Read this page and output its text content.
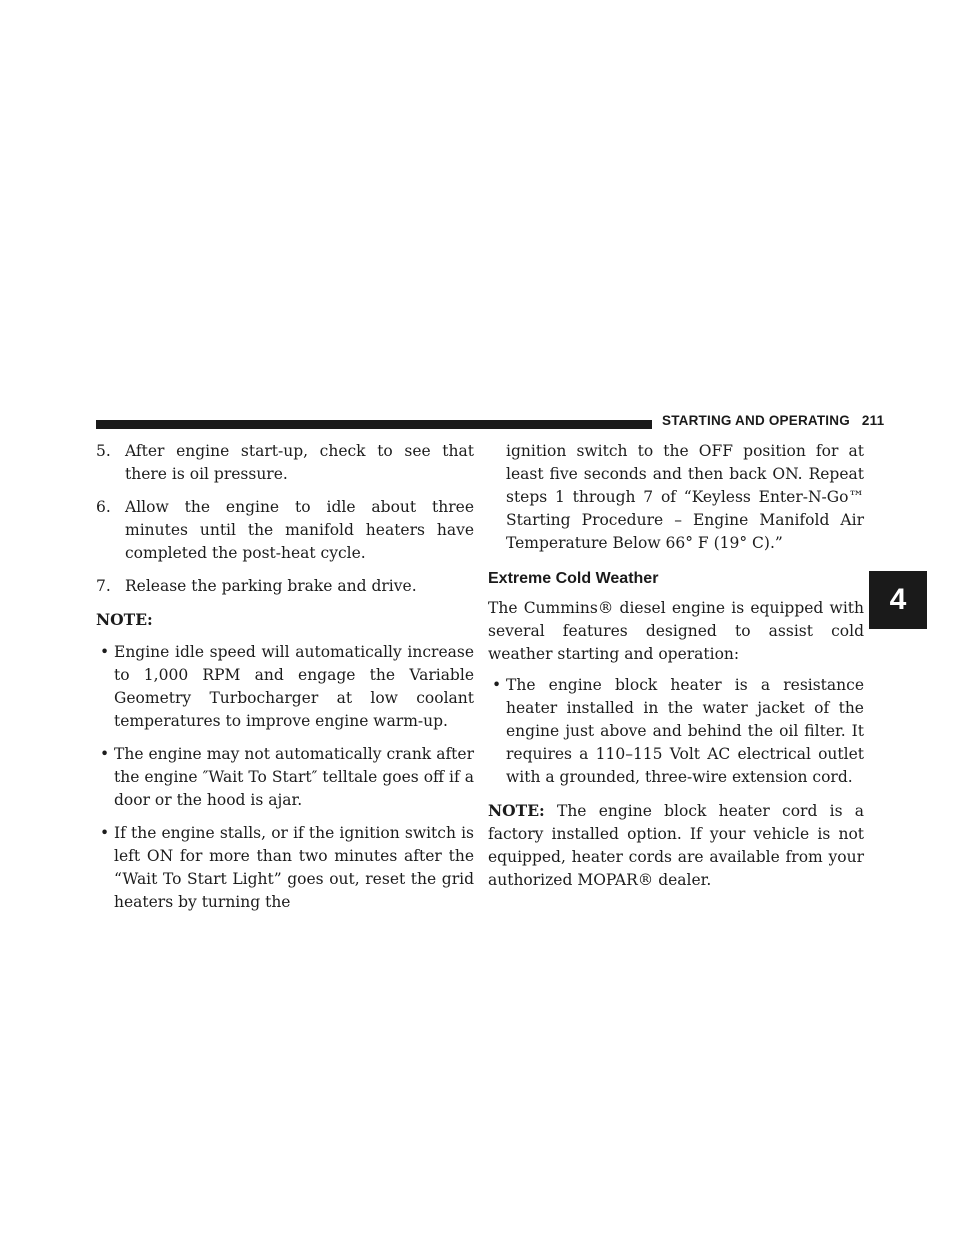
STARTING AND OPERATING 211
4

5. After engine start-up, check to see that there is oil pressure.

6. Allow the engine to idle about three minutes until the manifold heaters have completed the post-heat cycle.

7. Release the parking brake and drive.

NOTE:

• Engine idle speed will automatically increase to 1,000 RPM and engage the Variable Geometry Turbocharger at low coolant temperatures to improve engine warm-up.

• The engine may not automatically crank after the engine ″Wait To Start″ telltale goes off if a door or the hood is ajar.

• If the engine stalls, or if the ignition switch is left ON for more than two minutes after the “Wait To Start Light” goes out, reset the grid heaters by turning the

ignition switch to the OFF position for at least five seconds and then back ON. Repeat steps 1 through 7 of “Keyless Enter-N-Go™ Starting Procedure – Engine Manifold Air Temperature Below 66° F (19° C).”

Extreme Cold Weather

The Cummins® diesel engine is equipped with several features designed to assist cold weather starting and operation:

• The engine block heater is a resistance heater installed in the water jacket of the engine just above and behind the oil filter. It requires a 110–115 Volt AC electrical outlet with a grounded, three-wire extension cord.

NOTE: The engine block heater cord is a factory installed option. If your vehicle is not equipped, heater cords are available from your authorized MOPAR® dealer.
